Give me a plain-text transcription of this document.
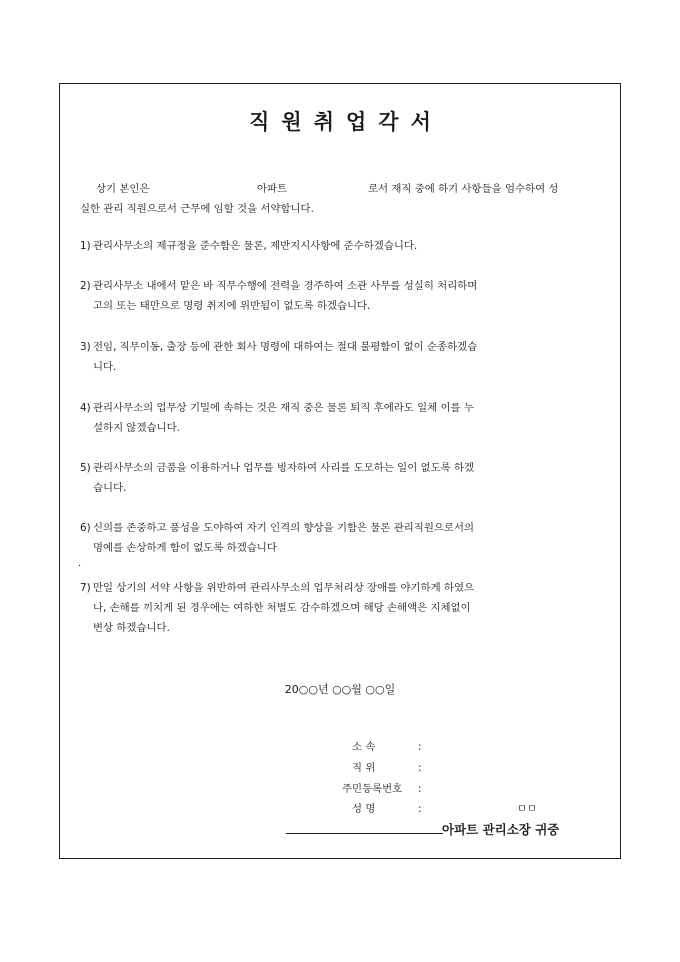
직원취업각서
상기 본인은	아파트	로서 재직 중에 하기 사항들을 엄수하여 성
실한 관리 직원으로서 근무에 임할 것을 서약합니다.
1) 관리사무소의 제규정을 준수함은 물론, 제반지시사항에 준수하겠습니다.
2) 관리사무소 내에서 맡은 바 직무수행에 전력을 경주하여 소관 사무를 성실히 처리하며
고의 또는 태만으로 명령 취지에 위반됨이 없도록 하겠습니다.
3) 전임, 직무이동, 출장 등에 관한 회사 명령에 대하여는 절대 불평함이 없이 순종하겠습
니다.
4) 관리사무소의 업무상 기밀에 속하는 것은 재직 중은 물론 퇴직 후에라도 일체 이를 누
설하지 않겠습니다.
5) 관리사무소의 금품을 이용하거나 업무를 빙자하여 사리를 도모하는 일이 없도록 하겠
습니다.
6) 신의를 존중하고 품성을 도야하여 자기 인격의 향상을 기함은 물론 관리직원으로서의
명예를 손상하게 함이 없도록 하겠습니다
.
7) 만일 상기의 서약 사항을 위반하여 관리사무소의 업무처리상 장애를 야기하게 하였으
나, 손해를 끼치게 된 경우에는 여하한 처벌도 감수하겠으며 해당 손해액은 지체없이
변상 하겠습니다.
20○○년 ○○월 ○○일
소 속	:
직 위	:
주민등록번호	:
성 명	:	ㅁㅁ
아파트 관리소장 귀중
